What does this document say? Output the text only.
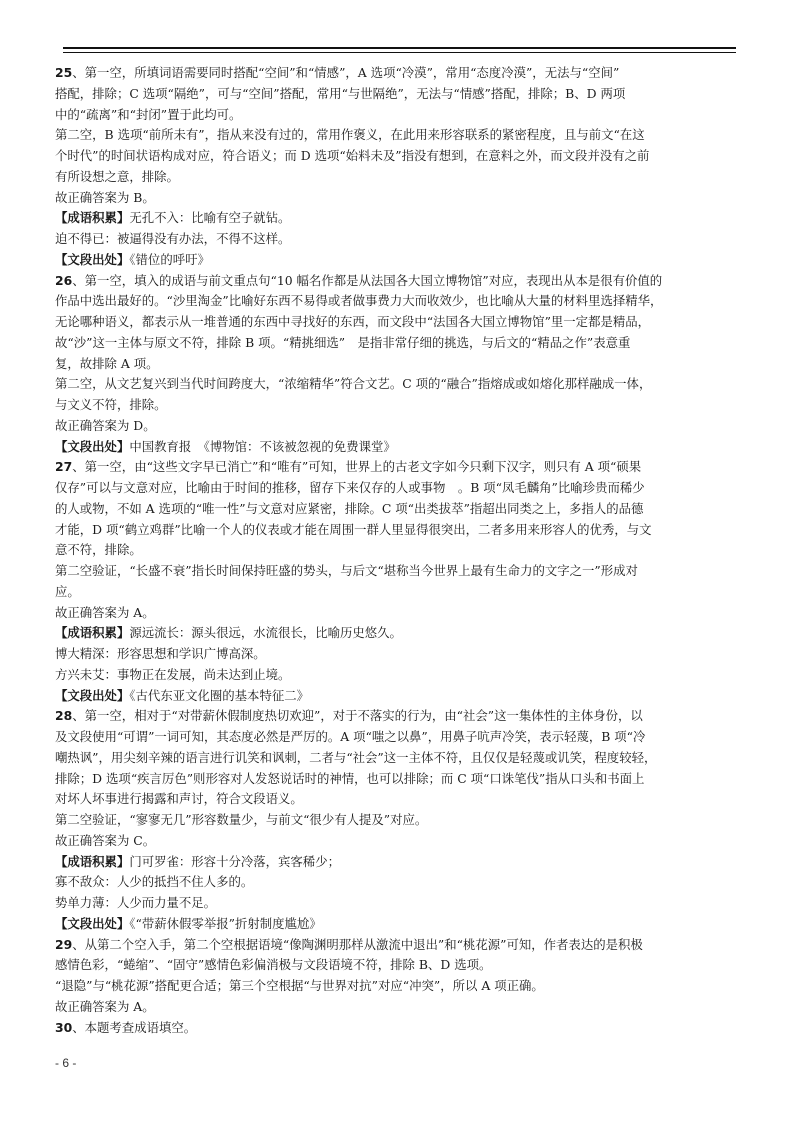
25、第一空，所填词语需要同时搭配“空间”和“情感”，A 选项“冷漠”，常用“态度冷漠”，无法与“空间”

搭配，排除；C 选项“隔绝”，可与“空间”搭配，常用“与世隔绝”，无法与“情感”搭配，排除；B、D 两项

中的“疏离”和“封闭”置于此均可。

第二空，B 选项“前所未有”，指从来没有过的，常用作褒义，在此用来形容联系的紧密程度，且与前文“在这

个时代”的时间状语构成对应，符合语义；而 D 选项“始料未及”指没有想到，在意料之外，而文段并没有之前

有所设想之意，排除。

故正确答案为 B。

【成语积累】无孔不入：比喻有空子就钻。

迫不得已：被逼得没有办法，不得不这样。

【文段出处】《错位的呼吁》

26、第一空，填入的成语与前文重点句“10 幅名作都是从法国各大国立博物馆”对应，表现出从本是很有价值的

作品中选出最好的。“沙里淘金”比喻好东西不易得或者做事费力大而收效少，也比喻从大量的材料里选择精华，

无论哪种语义，都表示从一堆普通的东西中寻找好的东西，而文段中“法国各大国立博物馆”里一定都是精品，

故“沙”这一主体与原文不符，排除 B 项。“精挑细选”　是指非常仔细的挑选，与后文的“精品之作”表意重

复，故排除 A 项。

第二空，从文艺复兴到当代时间跨度大，“浓缩精华”符合文艺。C 项的“融合”指熔成或如熔化那样融成一体，

与文义不符，排除。

故正确答案为 D。

【文段出处】中国教育报　《博物馆：不该被忽视的免费课堂》

27、第一空，由“这些文字早已消亡”和“唯有”可知，世界上的古老文字如今只剩下汉字，则只有 A 项“硕果

仅存”可以与文意对应，比喻由于时间的推移，留存下来仅存的人或事物　。B 项“凤毛麟角”比喻珍贵而稀少

的人或物，不如 A 选项的“唯一性”与文意对应紧密，排除。C 项“出类拔萃”指超出同类之上，多指人的品德

才能，D 项“鹤立鸡群”比喻一个人的仪表或才能在周围一群人里显得很突出，二者多用来形容人的优秀，与文

意不符，排除。

第二空验证，“长盛不衰”指长时间保持旺盛的势头，与后文“堪称当今世界上最有生命力的文字之一”形成对

应。

故正确答案为 A。

【成语积累】源远流长：源头很远，水流很长，比喻历史悠久。

博大精深：形容思想和学识广博高深。

方兴未艾：事物正在发展，尚未达到止境。

【文段出处】《古代东亚文化圈的基本特征二》

28、第一空，相对于“对带薪休假制度热切欢迎”，对于不落实的行为，由“社会”这一集体性的主体身份，以

及文段使用“可谓”一词可知，其态度必然是严厉的。A 项“嗤之以鼻”，用鼻子吭声冷笑，表示轻蔑，B 项“冷

嘲热讽”，用尖刻辛辣的语言进行讥笑和讽刺，二者与“社会”这一主体不符，且仅仅是轻蔑或讥笑，程度较轻，

排除；D 选项“疾言厉色”则形容对人发怒说话时的神情，也可以排除；而 C 项“口诛笔伐”指从口头和书面上

对坏人坏事进行揭露和声讨，符合文段语义。

第二空验证，“寥寥无几”形容数量少，与前文“很少有人提及”对应。

故正确答案为 C。

【成语积累】门可罗雀：形容十分冷落，宾客稀少；

寡不敌众：人少的抵挡不住人多的。

势单力薄：人少而力量不足。

【文段出处】《“带薪休假零举报”折射制度尴尬》

29、从第二个空入手，第二个空根据语境“像陶渊明那样从激流中退出”和“桃花源”可知，作者表达的是积极

感情色彩，“蜷缩”、“固守”感情色彩偏消极与文段语境不符，排除 B、D 选项。

“退隐”与“桃花源”搭配更合适；第三个空根据“与世界对抗”对应“冲突”，所以 A 项正确。

故正确答案为 A。

30、本题考查成语填空。

- 6 -
